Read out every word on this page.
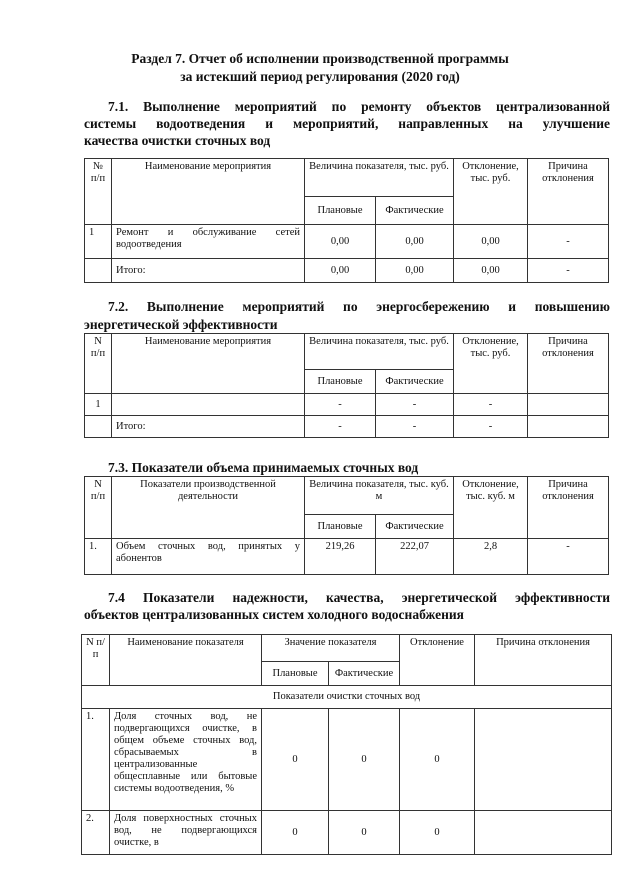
Раздел 7. Отчет об исполнении производственной программы
за истекший период регулирования (2020 год)
7.1. Выполнение мероприятий по ремонту объектов централизованной
системы водоотведения и мероприятий, направленных на улучшение
качества очистки сточных вод
№ п/п	Наименование мероприятия	Величина показателя, тыс. руб.		Отклонение, тыс. руб.	Причина отклонения
		Плановые	Фактические		
1	Ремонт и обслуживание сетей водоотведения	0,00	0,00	0,00	-
	Итого:	0,00	0,00	0,00	-
7.2. Выполнение мероприятий по энергосбережению и повышению
энергетической эффективности
N п/п	Наименование мероприятия	Величина показателя, тыс. руб.		Отклонение, тыс. руб.	Причина отклонения
		Плановые	Фактические		
1		-	-	-	
	Итого:	-	-	-	
7.3. Показатели объема принимаемых сточных вод
N п/п	Показатели производственной деятельности	Величина показателя, тыс. куб. м		Отклонение, тыс. куб. м	Причина отклонения
		Плановые	Фактические		
1.	Объем сточных вод, принятых у абонентов	219,26	222,07	2,8	-
7.4 Показатели надежности, качества, энергетической эффективности
объектов централизованных систем холодного водоснабжения
N п/п	Наименование показателя	Значение показателя		Отклонение	Причина отклонения
		Плановые	Фактические		
Показатели очистки сточных вод					
1.	Доля сточных вод, не подвергающихся очистке, в общем объеме сточных вод, сбрасываемых в централизованные общесплавные или бытовые системы водоотведения, %	0	0	0	
2.	Доля поверхностных сточных вод, не подвергающихся очистке, в	0	0	0	
